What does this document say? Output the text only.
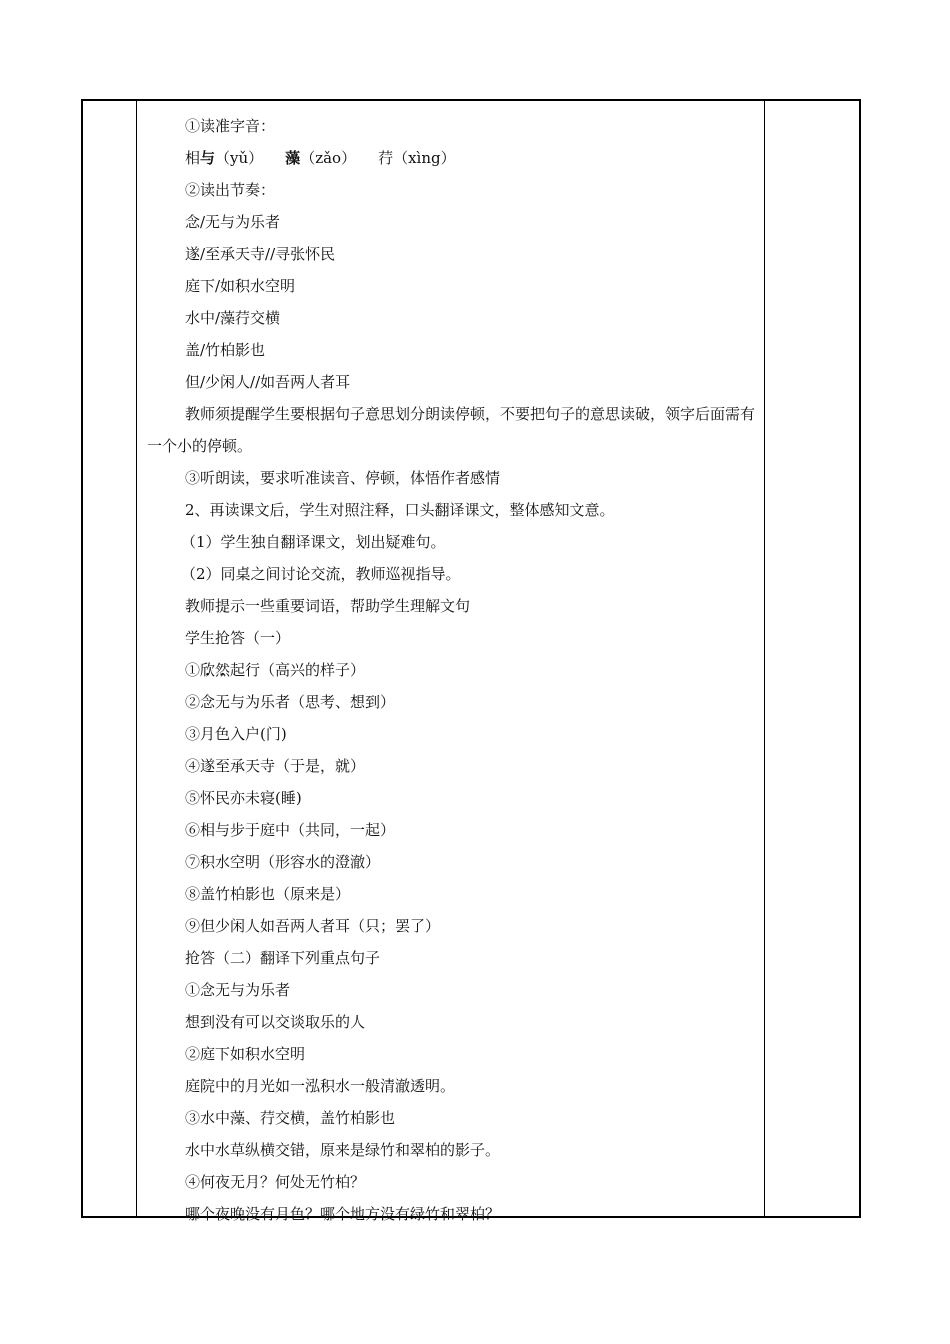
①读准字音：
相与（yǔ） 藻（zǎo） 荇（xìng）
②读出节奏：
念/无与为乐者
遂/至承天寺//寻张怀民
庭下/如积水空明
水中/藻荇交横
盖/竹柏影也
但/少闲人//如吾两人者耳
教师须提醒学生要根据句子意思划分朗读停顿，不要把句子的意思读破，领字后面需有一个小的停顿。
③听朗读，要求听准读音、停顿，体悟作者感情
2、再读课文后，学生对照注释，口头翻译课文，整体感知文意。
（1）学生独自翻译课文，划出疑难句。
（2）同桌之间讨论交流，教师巡视指导。
教师提示一些重要词语，帮助学生理解文句
学生抢答（一）
①欣然起行（高兴的样子）
②念无与为乐者（思考、想到）
③月色入户(门)
④遂至承天寺（于是，就）
⑤怀民亦未寝(睡)
⑥相与步于庭中（共同，一起）
⑦积水空明（形容水的澄澈）
⑧盖竹柏影也（原来是）
⑨但少闲人如吾两人者耳（只；罢了）
抢答（二）翻译下列重点句子
①念无与为乐者
想到没有可以交谈取乐的人
②庭下如积水空明
庭院中的月光如一泓积水一般清澈透明。
③水中藻、荇交横，盖竹柏影也
水中水草纵横交错，原来是绿竹和翠柏的影子。
④何夜无月？何处无竹柏？
哪个夜晚没有月色？哪个地方没有绿竹和翠柏？
